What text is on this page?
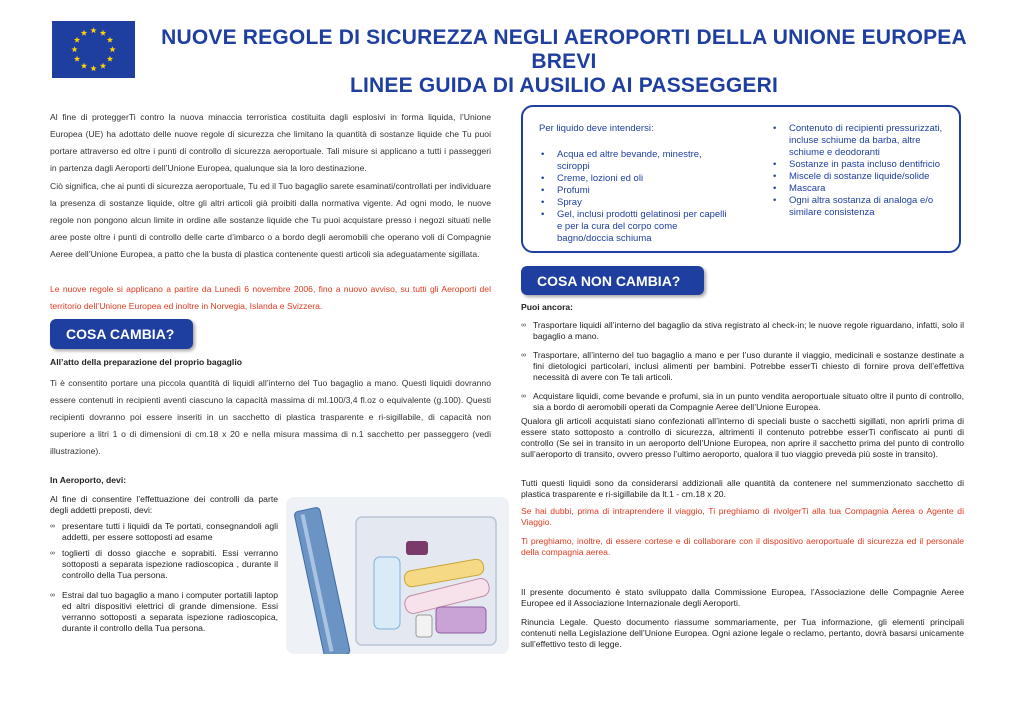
NUOVE REGOLE DI SICUREZZA NEGLI AEROPORTI DELLA UNIONE EUROPEA BREVI
LINEE GUIDA DI AUSILIO AI PASSEGGERI
Al fine di proteggerTi contro la nuova minaccia terroristica costituita dagli esplosivi in forma liquida, l’Unione Europea (UE) ha adottato delle nuove regole di sicurezza che limitano la quantità di sostanze liquide che Tu puoi portare attraverso ed oltre i punti di controllo di sicurezza aeroportuale. Tali misure si applicano a tutti i passeggeri in partenza dagli Aeroporti dell’Unione Europea, qualunque sia la loro destinazione.
Ciò significa, che ai punti di sicurezza aeroportuale, Tu ed il Tuo bagaglio sarete esaminati/controllati per individuare la presenza di sostanze liquide, oltre gli altri articoli già proibiti dalla normativa vigente. Ad ogni modo, le nuove regole non pongono alcun limite in ordine alle sostanze liquide che Tu puoi acquistare presso i negozi situati nelle aree poste oltre i punti di controllo delle carte d’imbarco o a bordo degli aeromobili che operano voli di Compagnie Aeree dell’Unione Europea, a patto che la busta di plastica contenente questi articoli sia adeguatamente sigillata.
Le nuove regole si applicano a partire da Lunedì 6 novembre 2006, fino a nuovo avviso, su tutti gli Aeroporti del territorio dell’Unione Europea ed inoltre in Norvegia, Islanda e Svizzera.
COSA CAMBIA?
All’atto della preparazione del proprio bagaglio
Ti è consentito portare una piccola quantità di liquidi all’interno del Tuo bagaglio a mano. Questi liquidi dovranno essere contenuti in recipienti aventi ciascuno la capacità massima di ml.100/3,4 fl.oz o equivalente (g.100). Questi recipienti dovranno poi essere inseriti in un sacchetto di plastica trasparente e ri-sigillabile, di capacità non superiore a litri 1 o di dimensioni di cm.18 x 20 e nella misura massima di n.1 sacchetto per passeggero (vedi illustrazione).
In Aeroporto, devi:
Al fine di consentire l’effettuazione dei controlli da parte degli addetti preposti, devi:
∞ presentare tutti i liquidi da Te portati, consegnandoli agli addetti, per essere sottoposti ad esame
∞ toglierti di dosso giacche e soprabiti. Essi verranno sottoposti a separata ispezione radioscopica , durante il controllo della Tua persona.
∞ Estrai dal tuo bagaglio a mano i computer portatili laptop ed altri dispositivi elettrici di grande dimensione. Essi verranno sottoposti a separata ispezione radioscopica, durante il controllo della Tua persona.
Per liquido deve intendersi:
• Acqua ed altre bevande, minestre, sciroppi
• Creme, lozioni ed oli
• Profumi
• Spray
• Gel, inclusi prodotti gelatinosi per capelli e per la cura del corpo come bagno/doccia schiuma
• Contenuto di recipienti pressurizzati, incluse schiume da barba, altre schiume e deodoranti
• Sostanze in pasta incluso dentifricio
• Miscele di sostanze liquide/solide
• Mascara
• Ogni altra sostanza di analoga e/o similare consistenza
COSA NON CAMBIA?
Puoi ancora:
∞ Trasportare liquidi all’interno del bagaglio da stiva registrato al check-in; le nuove regole riguardano, infatti, solo il bagaglio a mano.
∞ Trasportare, all’interno del tuo bagaglio a mano e per l’uso durante il viaggio, medicinali e sostanze destinate a fini dietologici particolari, inclusi alimenti per bambini. Potrebbe esserTi chiesto di fornire prova dell’effettiva necessità di avere con Te tali articoli.
∞ Acquistare liquidi, come bevande e profumi, sia in un punto vendita aeroportuale situato oltre il punto di controllo, sia a bordo di aeromobili operati da Compagnie Aeree dell’Unione Europea.
Qualora gli articoli acquistati siano confezionati all’interno di speciali buste o sacchetti sigillati, non aprirli prima di essere stato sottoposto a controllo di sicurezza, altrimenti il contenuto potrebbe esserTi confiscato ai punti di controllo (Se sei in transito in un aeroporto dell’Unione Europea, non aprire il sacchetto prima del punto di controllo sull’aeroporto di transito, ovvero presso l’ultimo aeroporto, qualora il tuo viaggio preveda più soste in transito).
Tutti questi liquidi sono da considerarsi addizionali alle quantità da contenere nel summenzionato sacchetto di plastica trasparente e ri-sigillabile da lt.1 - cm.18 x 20.
Se hai dubbi, prima di intraprendere il viaggio, Ti preghiamo di rivolgerTi alla tua Compagnia Aerea o Agente di Viaggio.
Ti preghiamo, inoltre, di essere cortese e di collaborare con il dispositivo aeroportuale di sicurezza ed il personale della compagnia aerea.
Il presente documento è stato sviluppato dalla Commissione Europea, l’Associazione delle Compagnie Aeree Europee ed il Associazione Internazionale degli Aeroporti.
Rinuncia Legale. Questo documento riassume sommariamente, per Tua informazione, gli elementi principali contenuti nella Legislazione dell’Unione Europea. Ogni azione legale o reclamo, pertanto, dovrà basarsi unicamente sull’effettivo testo di legge.
